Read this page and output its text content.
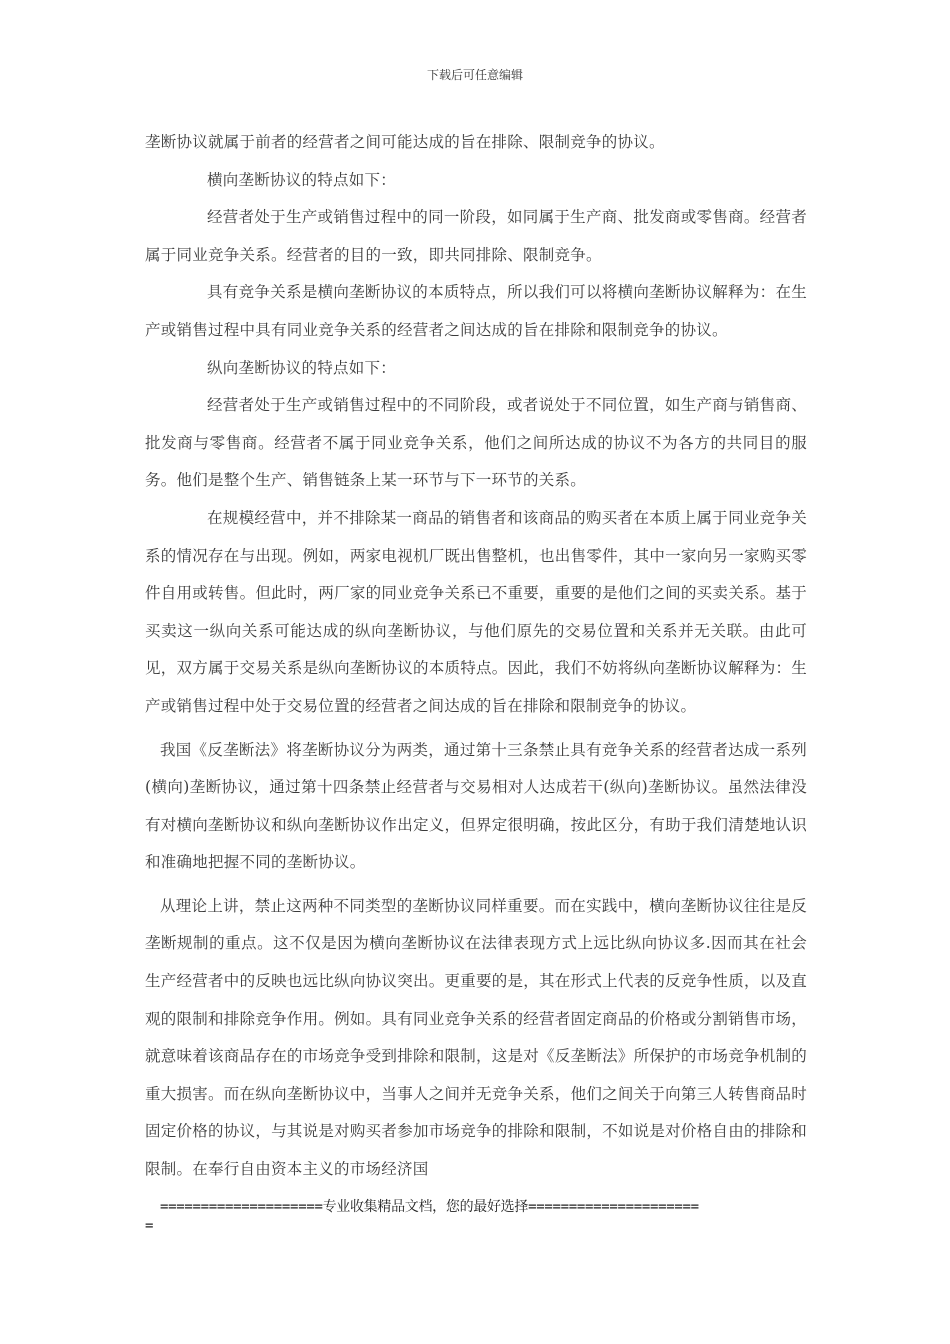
下载后可任意编辑

垄断协议就属于前者的经营者之间可能达成的旨在排除、限制竞争的协议。

横向垄断协议的特点如下：

经营者处于生产或销售过程中的同一阶段，如同属于生产商、批发商或零售商。经营者属于同业竞争关系。经营者的目的一致，即共同排除、限制竞争。

具有竞争关系是横向垄断协议的本质特点，所以我们可以将横向垄断协议解释为：在生产或销售过程中具有同业竞争关系的经营者之间达成的旨在排除和限制竞争的协议。

纵向垄断协议的特点如下：

经营者处于生产或销售过程中的不同阶段，或者说处于不同位置，如生产商与销售商、批发商与零售商。经营者不属于同业竞争关系，他们之间所达成的协议不为各方的共同目的服务。他们是整个生产、销售链条上某一环节与下一环节的关系。

在规模经营中，并不排除某一商品的销售者和该商品的购买者在本质上属于同业竞争关系的情况存在与出现。例如，两家电视机厂既出售整机，也出售零件，其中一家向另一家购买零件自用或转售。但此时，两厂家的同业竞争关系已不重要，重要的是他们之间的买卖关系。基于买卖这一纵向关系可能达成的纵向垄断协议，与他们原先的交易位置和关系并无关联。由此可见，双方属于交易关系是纵向垄断协议的本质特点。因此，我们不妨将纵向垄断协议解释为：生产或销售过程中处于交易位置的经营者之间达成的旨在排除和限制竞争的协议。

我国《反垄断法》将垄断协议分为两类，通过第十三条禁止具有竞争关系的经营者达成一系列(横向)垄断协议，通过第十四条禁止经营者与交易相对人达成若干(纵向)垄断协议。虽然法律没有对横向垄断协议和纵向垄断协议作出定义，但界定很明确，按此区分，有助于我们清楚地认识和准确地把握不同的垄断协议。

从理论上讲，禁止这两种不同类型的垄断协议同样重要。而在实践中，横向垄断协议往往是反垄断规制的重点。这不仅是因为横向垄断协议在法律表现方式上远比纵向协议多.因而其在社会生产经营者中的反映也远比纵向协议突出。更重要的是，其在形式上代表的反竞争性质，以及直观的限制和排除竞争作用。例如。具有同业竞争关系的经营者固定商品的价格或分割销售市场，就意味着该商品存在的市场竞争受到排除和限制，这是对《反垄断法》所保护的市场竞争机制的重大损害。而在纵向垄断协议中，当事人之间并无竞争关系，他们之间关于向第三人转售商品时固定价格的协议，与其说是对购买者参加市场竞争的排除和限制，不如说是对价格自由的排除和限制。在奉行自由资本主义的市场经济国

====================专业收集精品文档，您的最好选择=====================
=
